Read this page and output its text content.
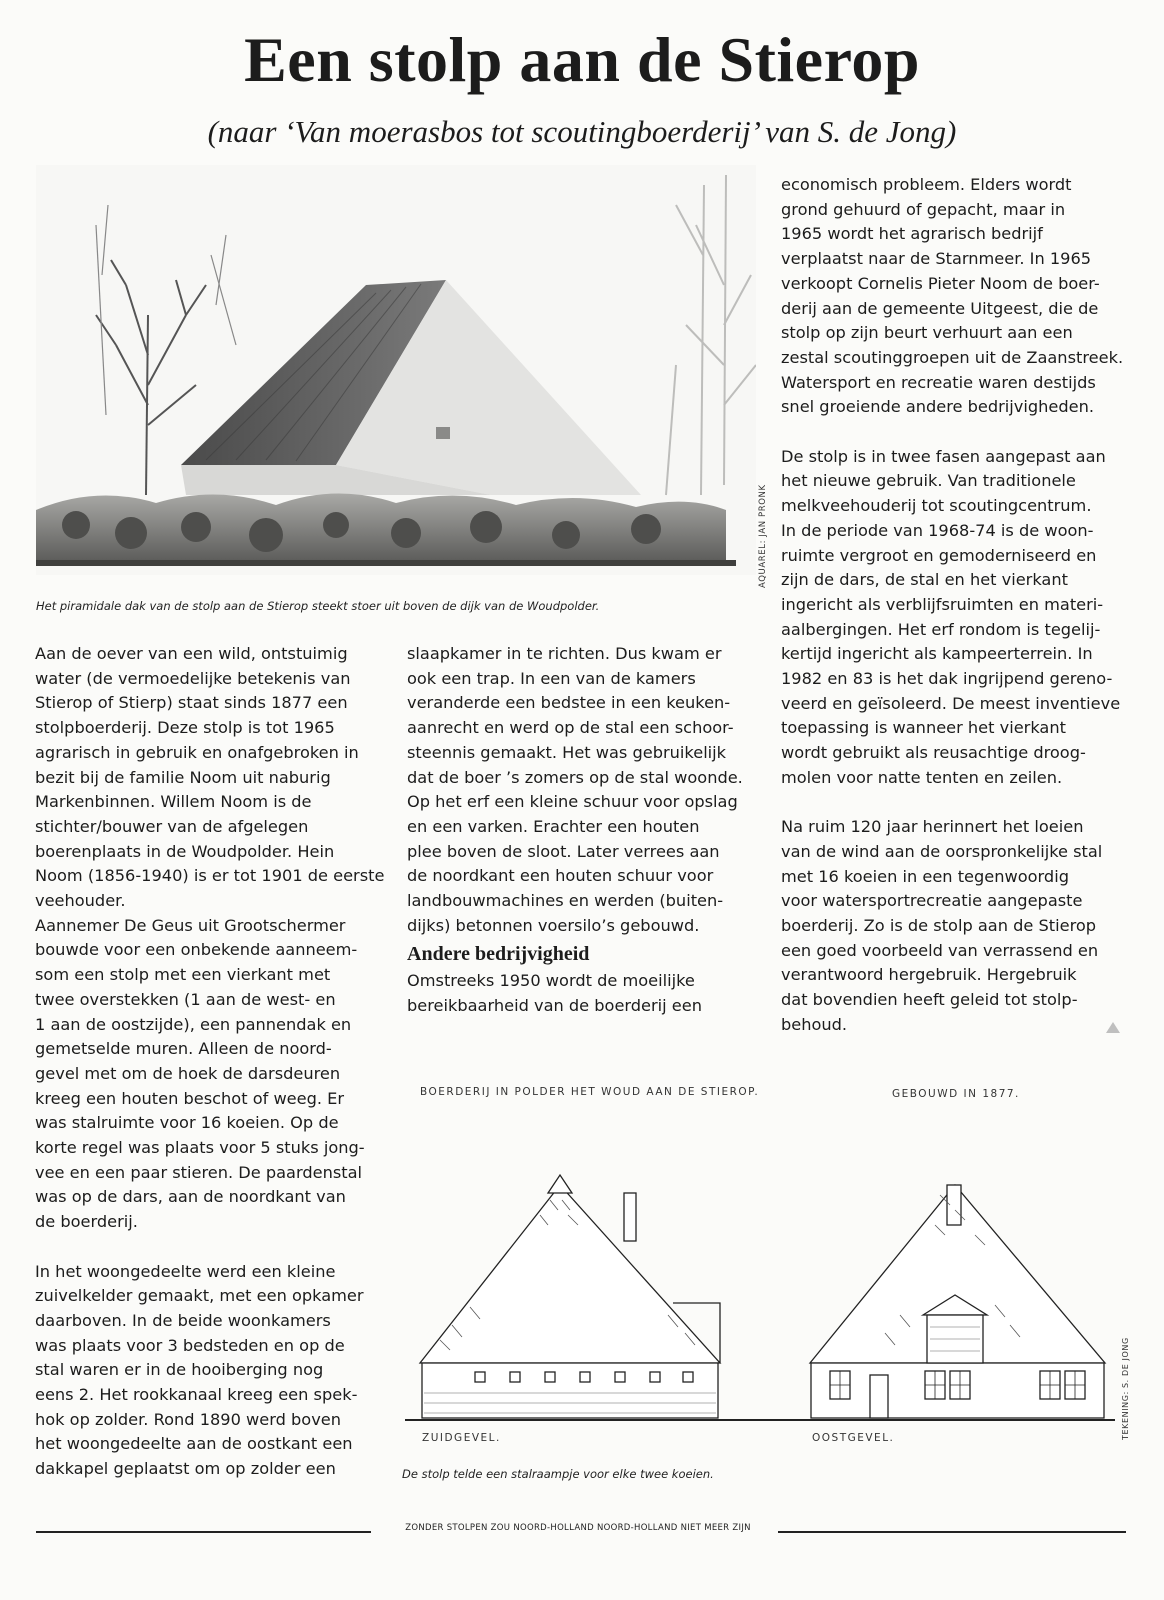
Een stolp aan de Stierop
(naar ‘Van moerasbos tot scoutingboerderij’ van S. de Jong)
AQUAREL: JAN PRONK
Het piramidale dak van de stolp aan de Stierop steekt stoer uit boven de dijk van de Woudpolder.

Aan de oever van een wild, ontstuimig

water (de vermoedelijke betekenis van

Stierop of Stierp) staat sinds 1877 een

stolpboerderij. Deze stolp is tot 1965

agrarisch in gebruik en onafgebroken in

bezit bij de familie Noom uit naburig

Markenbinnen. Willem Noom is de

stichter/bouwer van de afgelegen

boerenplaats in de Woudpolder. Hein

Noom (1856-1940) is er tot 1901 de eerste

veehouder.

Aannemer De Geus uit Grootschermer

bouwde voor een onbekende aanneem-

som een stolp met een vierkant met

twee overstekken (1 aan de west- en

1 aan de oostzijde), een pannendak en

gemetselde muren. Alleen de noord-

gevel met om de hoek de darsdeuren

kreeg een houten beschot of weeg. Er

was stalruimte voor 16 koeien. Op de

korte regel was plaats voor 5 stuks jong-

vee en een paar stieren. De paardenstal

was op de dars, aan de noordkant van

de boerderij.

In het woongedeelte werd een kleine

zuivelkelder gemaakt, met een opkamer

daarboven. In de beide woonkamers

was plaats voor 3 bedsteden en op de

stal waren er in de hooiberging nog

eens 2. Het rookkanaal kreeg een spek-

hok op zolder. Rond 1890 werd boven

het woongedeelte aan de oostkant een

dakkapel geplaatst om op zolder een

slaapkamer in te richten. Dus kwam er

ook een trap. In een van de kamers

veranderde een bedstee in een keuken-

aanrecht en werd op de stal een schoor-

steennis gemaakt. Het was gebruikelijk

dat de boer ’s zomers op de stal woonde.

Op het erf een kleine schuur voor opslag

en een varken. Erachter een houten

plee boven de sloot. Later verrees aan

de noordkant een houten schuur voor

landbouwmachines en werden (buiten-

dijks) betonnen voersilo’s gebouwd.

Andere bedrijvigheid

Omstreeks 1950 wordt de moeilijke

bereikbaarheid van de boerderij een

economisch probleem. Elders wordt

grond gehuurd of gepacht, maar in

1965 wordt het agrarisch bedrijf

verplaatst naar de Starnmeer. In 1965

verkoopt Cornelis Pieter Noom de boer-

derij aan de gemeente Uitgeest, die de

stolp op zijn beurt verhuurt aan een

zestal scoutinggroepen uit de Zaanstreek.

Watersport en recreatie waren destijds

snel groeiende andere bedrijvigheden.

De stolp is in twee fasen aangepast aan

het nieuwe gebruik. Van traditionele

melkveehouderij tot scoutingcentrum.

In de periode van 1968-74 is de woon-

ruimte vergroot en gemoderniseerd en

zijn de dars, de stal en het vierkant

ingericht als verblijfsruimten en materi-

aalbergingen. Het erf rondom is tegelij-

kertijd ingericht als kampeerterrein. In

1982 en 83 is het dak ingrijpend gereno-

veerd en geïsoleerd. De meest inventieve

toepassing is wanneer het vierkant

wordt gebruikt als reusachtige droog-

molen voor natte tenten en zeilen.

Na ruim 120 jaar herinnert het loeien

van de wind aan de oorspronkelijke stal

met 16 koeien in een tegenwoordig

voor watersportrecreatie aangepaste

boerderij. Zo is de stolp aan de Stierop

een goed voorbeeld van verrassend en

verantwoord hergebruik. Hergebruik

dat bovendien heeft geleid tot stolp-

behoud.

BOERDERIJ IN POLDER HET WOUD AAN DE STIEROP.	GEBOUWD IN 1877.
ZUIDGEVEL.	OOSTGEVEL.	TEKENING: S. DE JONG
De stolp telde een stalraampje voor elke twee koeien.
ZONDER STOLPEN ZOU NOORD-HOLLAND NOORD-HOLLAND NIET MEER ZIJN
